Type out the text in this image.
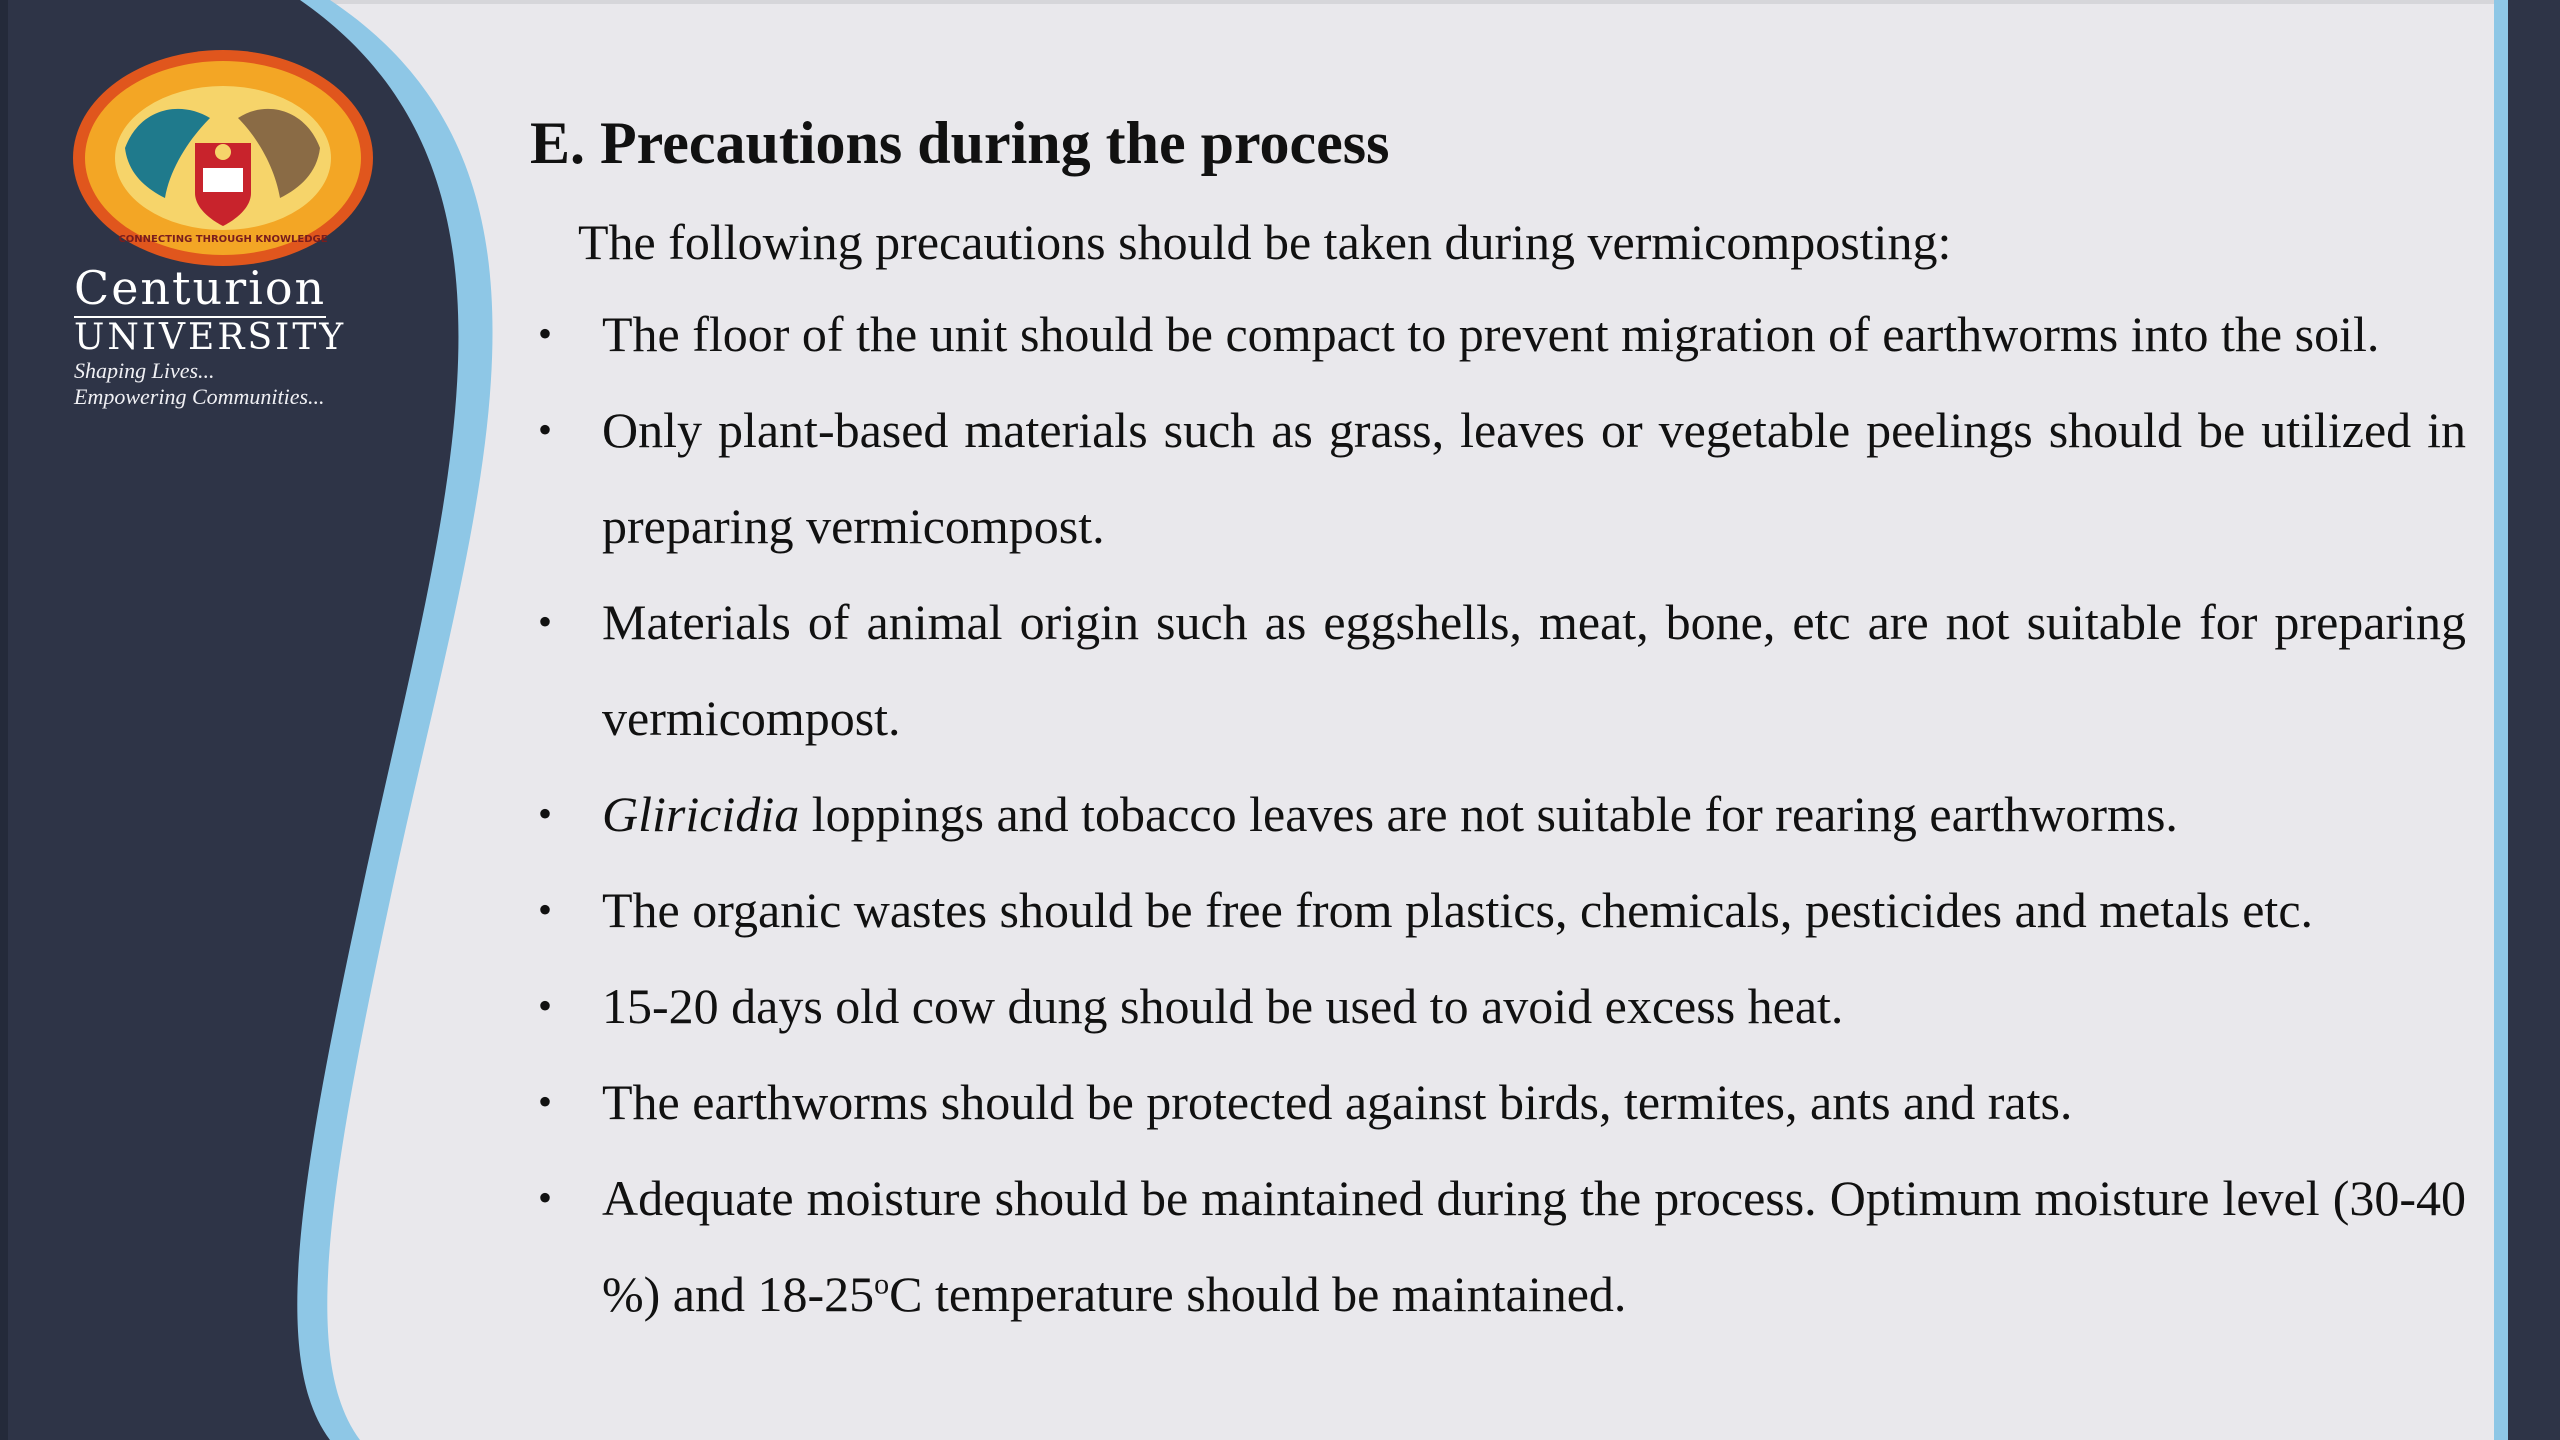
CONNECTING THROUGH KNOWLEDGE
Centurion
UNIVERSITY
Shaping Lives...
Empowering Communities...
E. Precautions during the process

The following precautions should be taken during vermicomposting:

• The floor of the unit should be compact to prevent migration of earthworms into the soil.
• Only plant-based materials such as grass, leaves or vegetable peelings should be utilized in preparing vermicompost.
• Materials of animal origin such as eggshells, meat, bone, etc are not suitable for preparing vermicompost.
• Gliricidia loppings and tobacco leaves are not suitable for rearing earthworms.
• The organic wastes should be free from plastics, chemicals, pesticides and metals etc.
• 15-20 days old cow dung should be used to avoid excess heat.
• The earthworms should be protected against birds, termites, ants and rats.
• Adequate moisture should be maintained during the process. Optimum moisture level (30-40 %) and 18-25$^o$C temperature should be maintained.
